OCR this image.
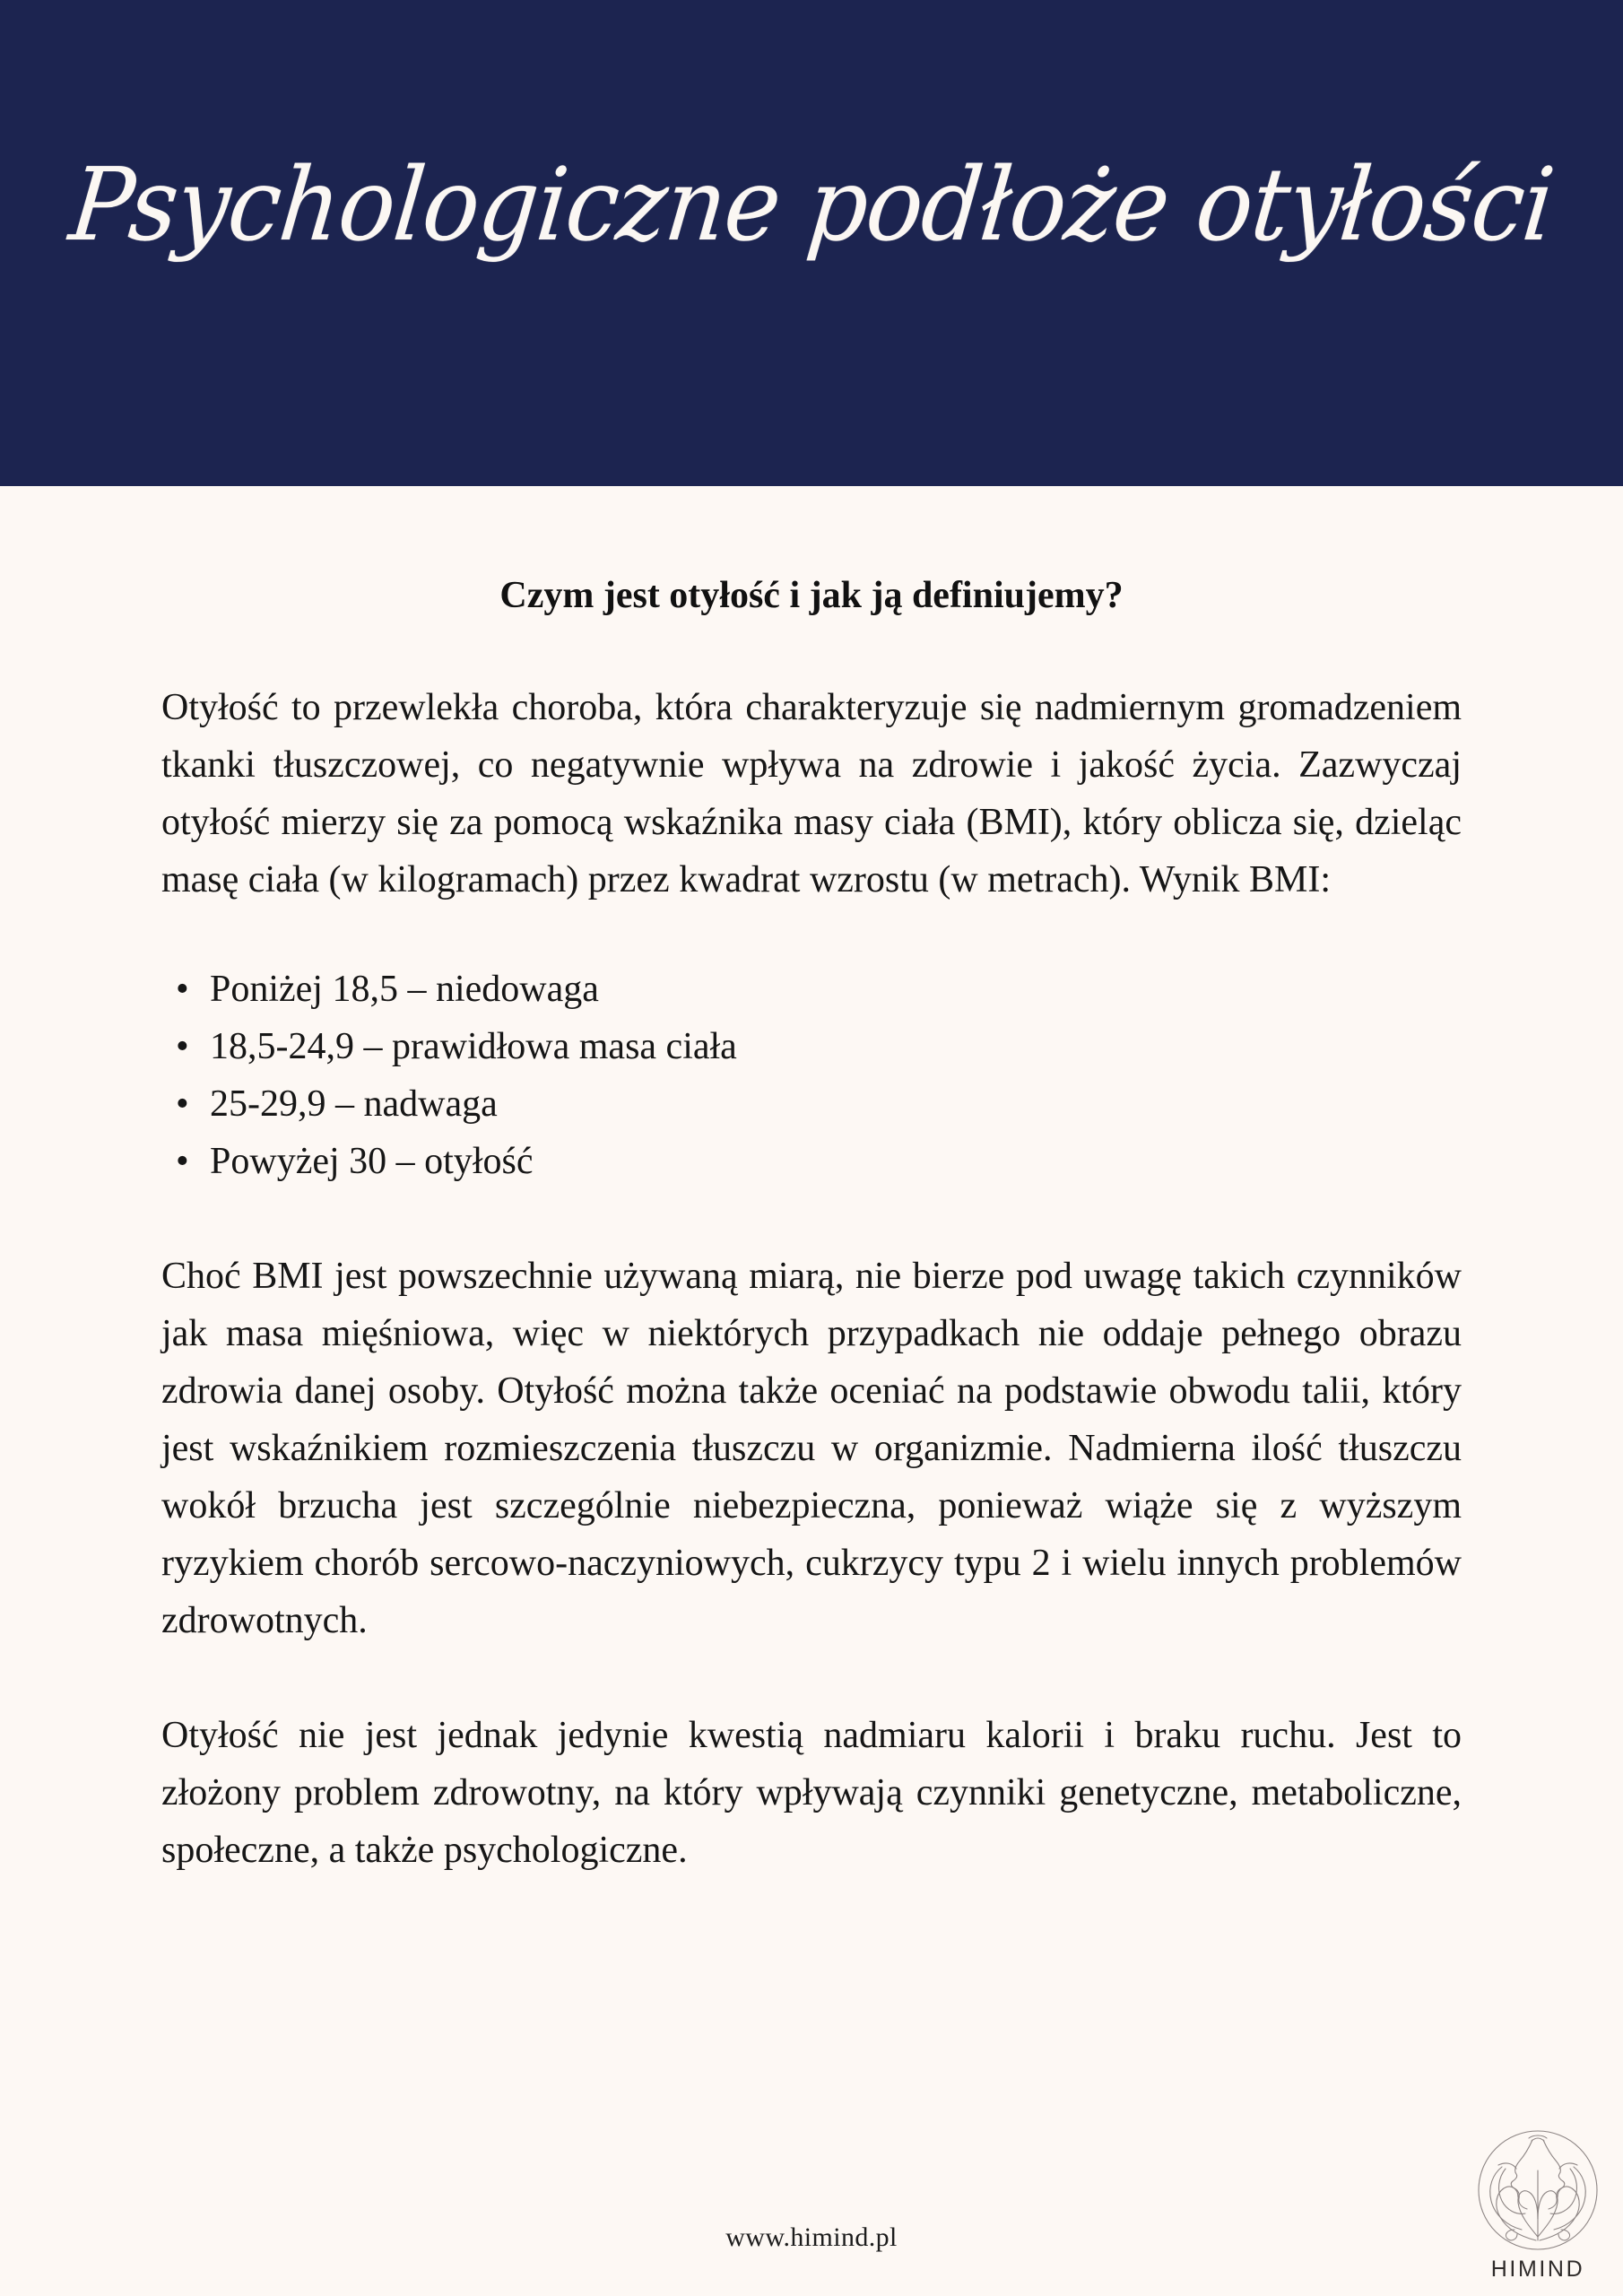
Psychologiczne podłoże otyłości
Czym jest otyłość i jak ją definiujemy?

Otyłość to przewlekła choroba, która charakteryzuje się nadmiernym gromadzeniem tkanki tłuszczowej, co negatywnie wpływa na zdrowie i jakość życia. Zazwyczaj otyłość mierzy się za pomocą wskaźnika masy ciała (BMI), który oblicza się, dzieląc masę ciała (w kilogramach) przez kwadrat wzrostu (w metrach). Wynik BMI:

• Poniżej 18,5 – niedowaga
• 18,5-24,9 – prawidłowa masa ciała
• 25-29,9 – nadwaga
• Powyżej 30 – otyłość

Choć BMI jest powszechnie używaną miarą, nie bierze pod uwagę takich czynników jak masa mięśniowa, więc w niektórych przypadkach nie oddaje pełnego obrazu zdrowia danej osoby. Otyłość można także oceniać na podstawie obwodu talii, który jest wskaźnikiem rozmieszczenia tłuszczu w organizmie. Nadmierna ilość tłuszczu wokół brzucha jest szczególnie niebezpieczna, ponieważ wiąże się z wyższym ryzykiem chorób sercowo-naczyniowych, cukrzycy typu 2 i wielu innych problemów zdrowotnych.

Otyłość nie jest jednak jedynie kwestią nadmiaru kalorii i braku ruchu. Jest to złożony problem zdrowotny, na który wpływają czynniki genetyczne, metaboliczne, społeczne, a także psychologiczne.

www.himind.pl
HIMIND
